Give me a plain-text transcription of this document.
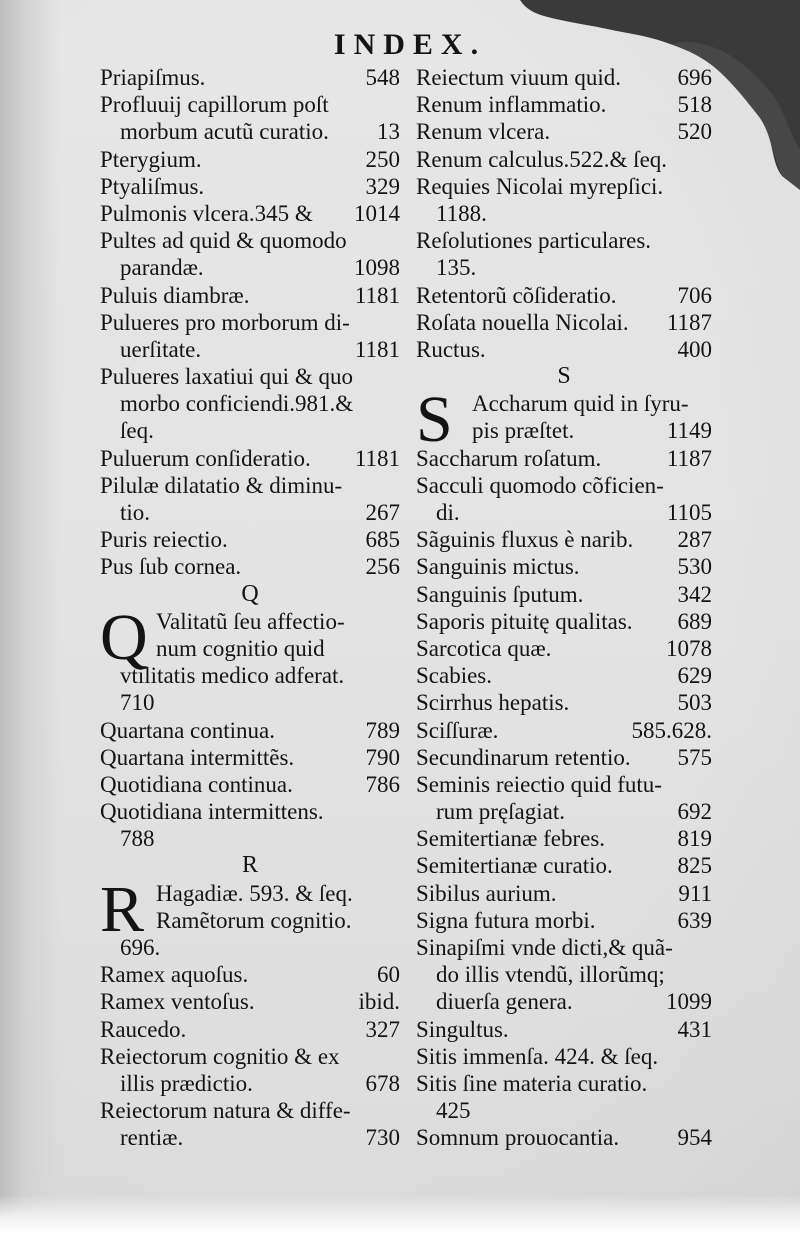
INDEX.
Priapiſmus.	548
Profluuij capillorum poſt
morbum acutũ curatio. 13
Pterygium.	250
Ptyaliſmus.	329
Pulmonis vlcera.345 & 1014
Pultes ad quid & quomodo
parandæ.	1098
Puluis diambræ.	1181
Pulueres pro morborum di-
uerſitate.	1181
Pulueres laxatiui qui & quo
morbo conficiendi.981.&
ſeq.
Puluerum conſideratio. 1181
Pilulæ dilatatio & diminu-
tio.	267
Puris reiectio.	685
Pus ſub cornea.	256
Q
Q Valitatũ ſeu affectio-
num cognitio quid
vtilitatis medico adferat.
710
Quartana continua.	789
Quartana intermittẽs.	790
Quotidiana continua.	786
Quotidiana intermittens.
788
R
R Hagadiæ. 593. & ſeq.
Ramẽtorum cognitio.
696.
Ramex aquoſus.	60
Ramex ventoſus.	ibid.
Raucedo.	327
Reiectorum cognitio & ex
illis prædictio.	678
Reiectorum natura & diffe-
rentiæ.	730
Reiectum viuum quid. 696
Renum inflammatio.	518
Renum vlcera.	520
Renum calculus.522.& ſeq.
Requies Nicolai myrepſici.
1188.
Reſolutiones particulares.
135.
Retentorũ cõſideratio.	706
Roſata nouella Nicolai. 1187
Ructus.	400
S
S Accharum quid in ſyru-
pis præſtet.	1149
Saccharum roſatum.	1187
Sacculi quomodo cõficien-
di.	1105
Sãguinis fluxus è narib. 287
Sanguinis mictus.	530
Sanguinis ſputum.	342
Saporis pituitę qualitas. 689
Sarcotica quæ.	1078
Scabies.	629
Scirrhus hepatis.	503
Sciſſuræ.	585.628.
Secundinarum retentio. 575
Seminis reiectio quid futu-
rum pręſagiat.	692
Semitertianæ febres.	819
Semitertianæ curatio.	825
Sibilus aurium.	911
Signa futura morbi.	639
Sinapiſmi vnde dicti,& quã-
do illis vtendũ, illorũmq;
diuerſa genera.	1099
Singultus.	431
Sitis immenſa. 424. & ſeq.
Sitis ſine materia curatio.
425
Somnum prouocantia.	954
